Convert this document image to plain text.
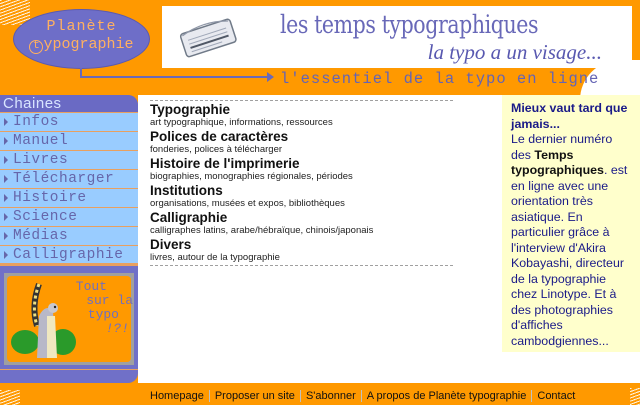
Planète
t ypographie
les temps typographiques
la typo a un visage...
l'essentiel de la typo en ligne
Chaines
Infos
Manuel
Livres
Télécharger
Histoire
Science
Médias
Calligraphie
Tout
sur la
typo
!?!
Typographie
art typographique, informations, ressources
Polices de caractères
fonderies, polices à télécharger
Histoire de l'imprimerie
biographies, monographies régionales, périodes
Institutions
organisations, musées et expos, bibliothèques
Calligraphie
calligraphes latins, arabe/hébraïque, chinois/japonais
Divers
livres, autour de la typographie

Mieux vaut tard que jamais...
Le dernier numéro des Temps typographiques. est en ligne avec une orientation très asiatique. En particulier grâce à l'interview d'Akira Kobayashi, directeur de la typographie chez Linotype. Et à des photographies d'affiches cambodgiennes...

Homepage Proposer un site S'abonner A propos de Planète typographie Contact
